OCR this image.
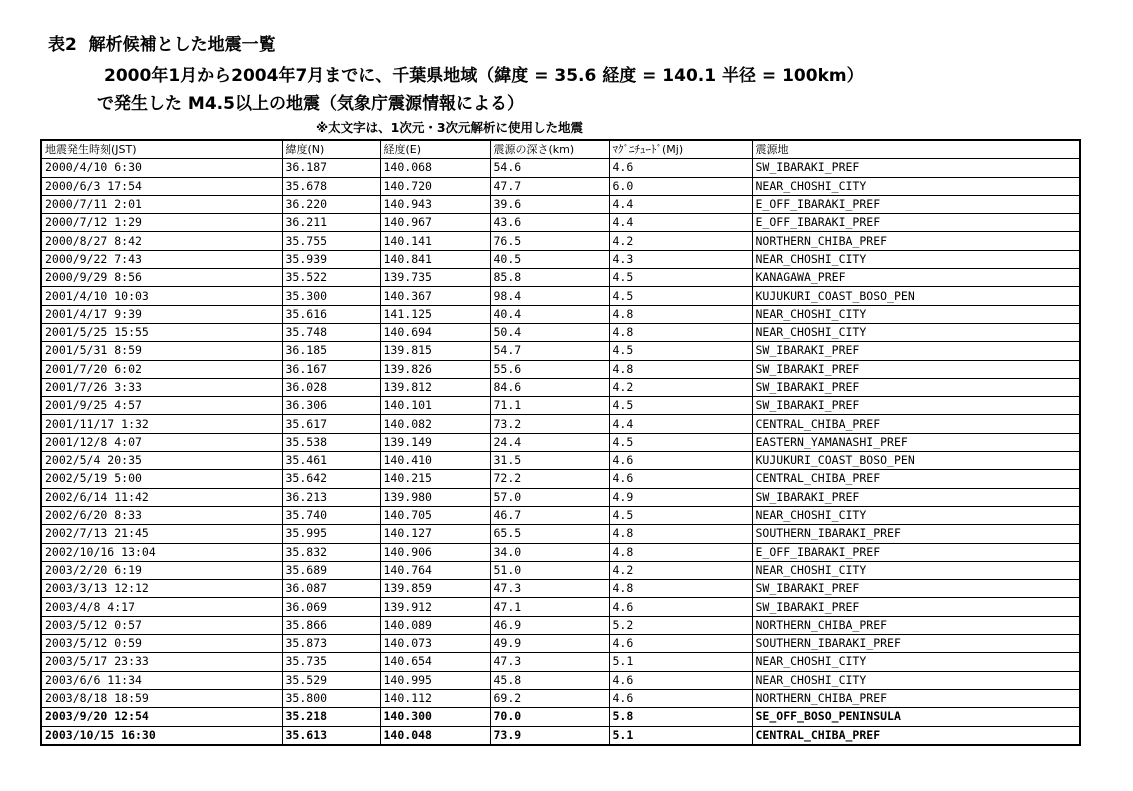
表2  解析候補とした地震一覧
2000年1月から2004年7月までに、千葉県地域（緯度 = 35.6 経度 = 140.1 半径 = 100km）
で発生した M4.5以上の地震（気象庁震源情報による）
※太文字は、1次元・3次元解析に使用した地震
地震発生時刻(JST)	緯度(N)	経度(E)	震源の深さ(km)	ﾏｸﾞﾆﾁｭｰﾄﾞ(Mj)	震源地
2000/4/10 6:30	36.187	140.068	54.6	4.6	SW_IBARAKI_PREF
2000/6/3 17:54	35.678	140.720	47.7	6.0	NEAR_CHOSHI_CITY
2000/7/11 2:01	36.220	140.943	39.6	4.4	E_OFF_IBARAKI_PREF
2000/7/12 1:29	36.211	140.967	43.6	4.4	E_OFF_IBARAKI_PREF
2000/8/27 8:42	35.755	140.141	76.5	4.2	NORTHERN_CHIBA_PREF
2000/9/22 7:43	35.939	140.841	40.5	4.3	NEAR_CHOSHI_CITY
2000/9/29 8:56	35.522	139.735	85.8	4.5	KANAGAWA_PREF
2001/4/10 10:03	35.300	140.367	98.4	4.5	KUJUKURI_COAST_BOSO_PEN
2001/4/17 9:39	35.616	141.125	40.4	4.8	NEAR_CHOSHI_CITY
2001/5/25 15:55	35.748	140.694	50.4	4.8	NEAR_CHOSHI_CITY
2001/5/31 8:59	36.185	139.815	54.7	4.5	SW_IBARAKI_PREF
2001/7/20 6:02	36.167	139.826	55.6	4.8	SW_IBARAKI_PREF
2001/7/26 3:33	36.028	139.812	84.6	4.2	SW_IBARAKI_PREF
2001/9/25 4:57	36.306	140.101	71.1	4.5	SW_IBARAKI_PREF
2001/11/17 1:32	35.617	140.082	73.2	4.4	CENTRAL_CHIBA_PREF
2001/12/8 4:07	35.538	139.149	24.4	4.5	EASTERN_YAMANASHI_PREF
2002/5/4 20:35	35.461	140.410	31.5	4.6	KUJUKURI_COAST_BOSO_PEN
2002/5/19 5:00	35.642	140.215	72.2	4.6	CENTRAL_CHIBA_PREF
2002/6/14 11:42	36.213	139.980	57.0	4.9	SW_IBARAKI_PREF
2002/6/20 8:33	35.740	140.705	46.7	4.5	NEAR_CHOSHI_CITY
2002/7/13 21:45	35.995	140.127	65.5	4.8	SOUTHERN_IBARAKI_PREF
2002/10/16 13:04	35.832	140.906	34.0	4.8	E_OFF_IBARAKI_PREF
2003/2/20 6:19	35.689	140.764	51.0	4.2	NEAR_CHOSHI_CITY
2003/3/13 12:12	36.087	139.859	47.3	4.8	SW_IBARAKI_PREF
2003/4/8 4:17	36.069	139.912	47.1	4.6	SW_IBARAKI_PREF
2003/5/12 0:57	35.866	140.089	46.9	5.2	NORTHERN_CHIBA_PREF
2003/5/12 0:59	35.873	140.073	49.9	4.6	SOUTHERN_IBARAKI_PREF
2003/5/17 23:33	35.735	140.654	47.3	5.1	NEAR_CHOSHI_CITY
2003/6/6 11:34	35.529	140.995	45.8	4.6	NEAR_CHOSHI_CITY
2003/8/18 18:59	35.800	140.112	69.2	4.6	NORTHERN_CHIBA_PREF
2003/9/20 12:54	35.218	140.300	70.0	5.8	SE_OFF_BOSO_PENINSULA
2003/10/15 16:30	35.613	140.048	73.9	5.1	CENTRAL_CHIBA_PREF
